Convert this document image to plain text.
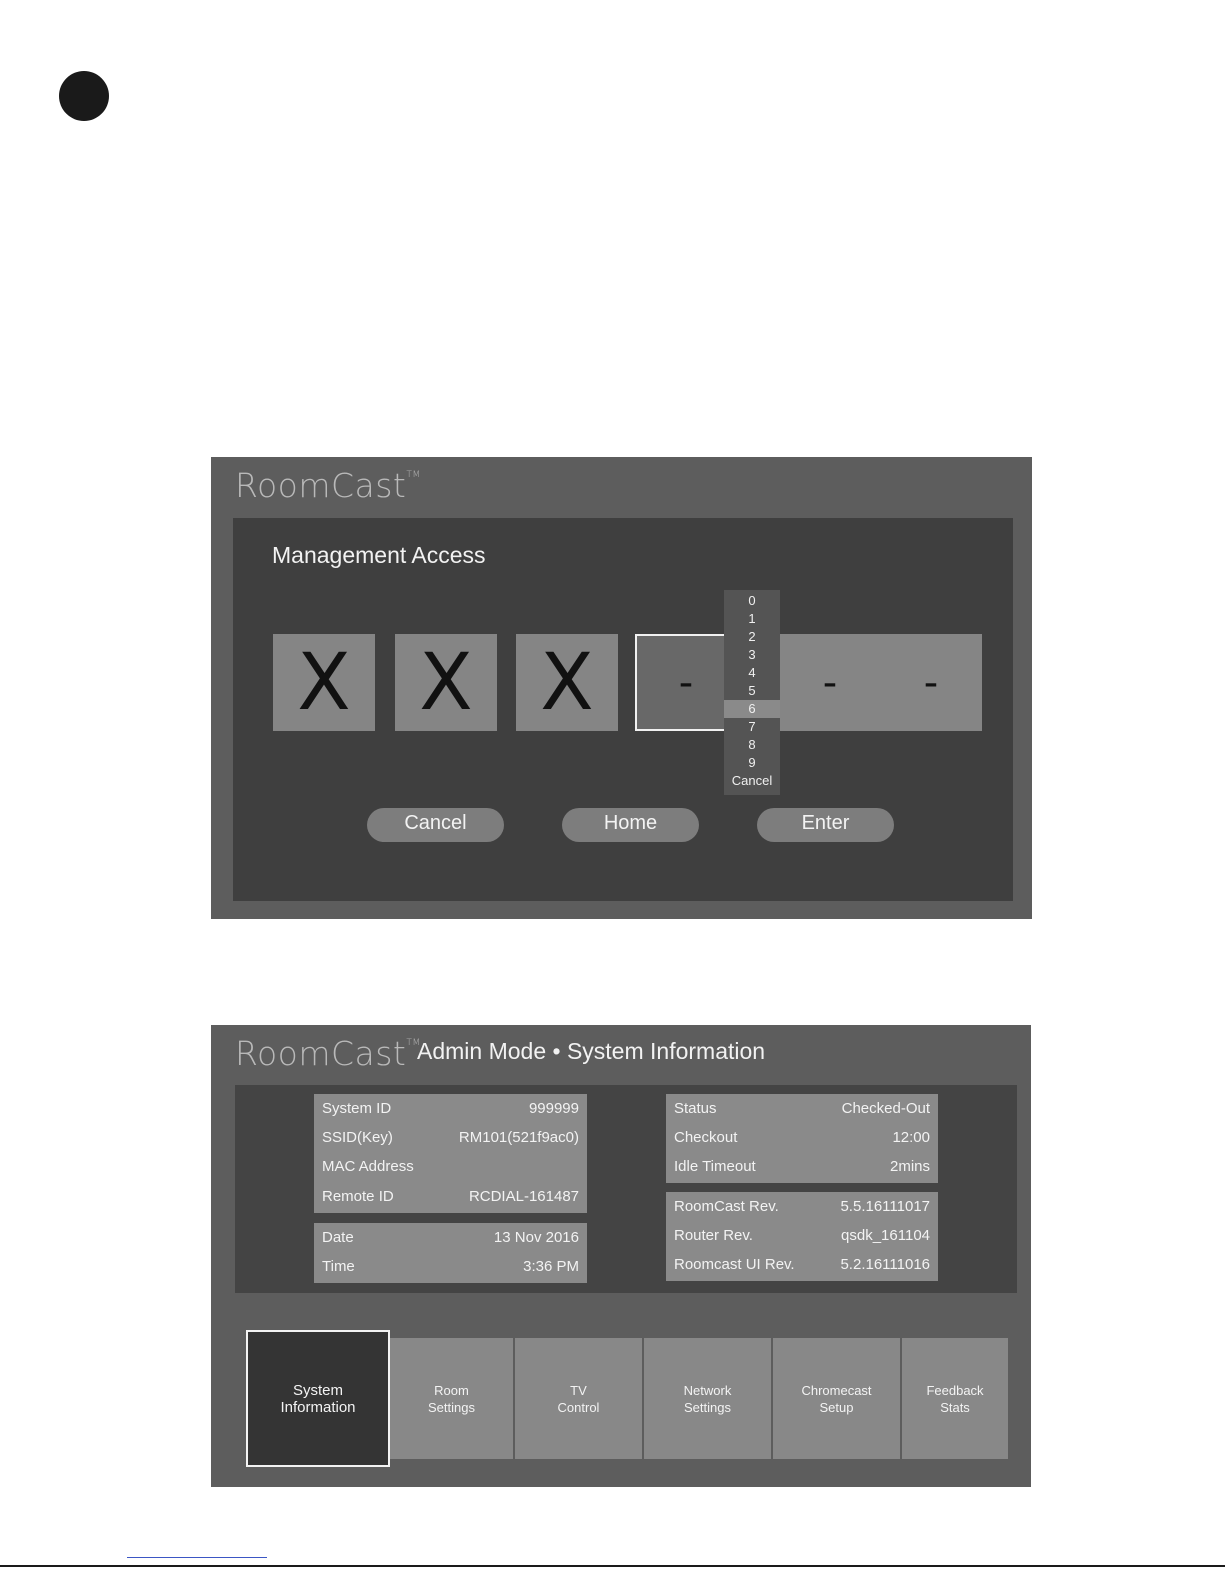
RoomCast™
Management Access
X X X	-	-	-
0
1
2
3
4
5
6
7
8
9
Cancel
Cancel	Home	Enter
RoomCast™
Admin Mode • System Information
System ID	999999
SSID(Key)	RM101(521f9ac0)
MAC Address
Remote ID	RCDIAL-161487
Date	13 Nov 2016
Time	3:36 PM
Status	Checked-Out
Checkout	12:00
Idle Timeout	2mins
RoomCast Rev.	5.5.16111017
Router Rev.	qsdk_161104
Roomcast UI Rev.	5.2.16111016
System
Information
Room
Settings
TV
Control
Network
Settings
Chromecast
Setup
Feedback
Stats
